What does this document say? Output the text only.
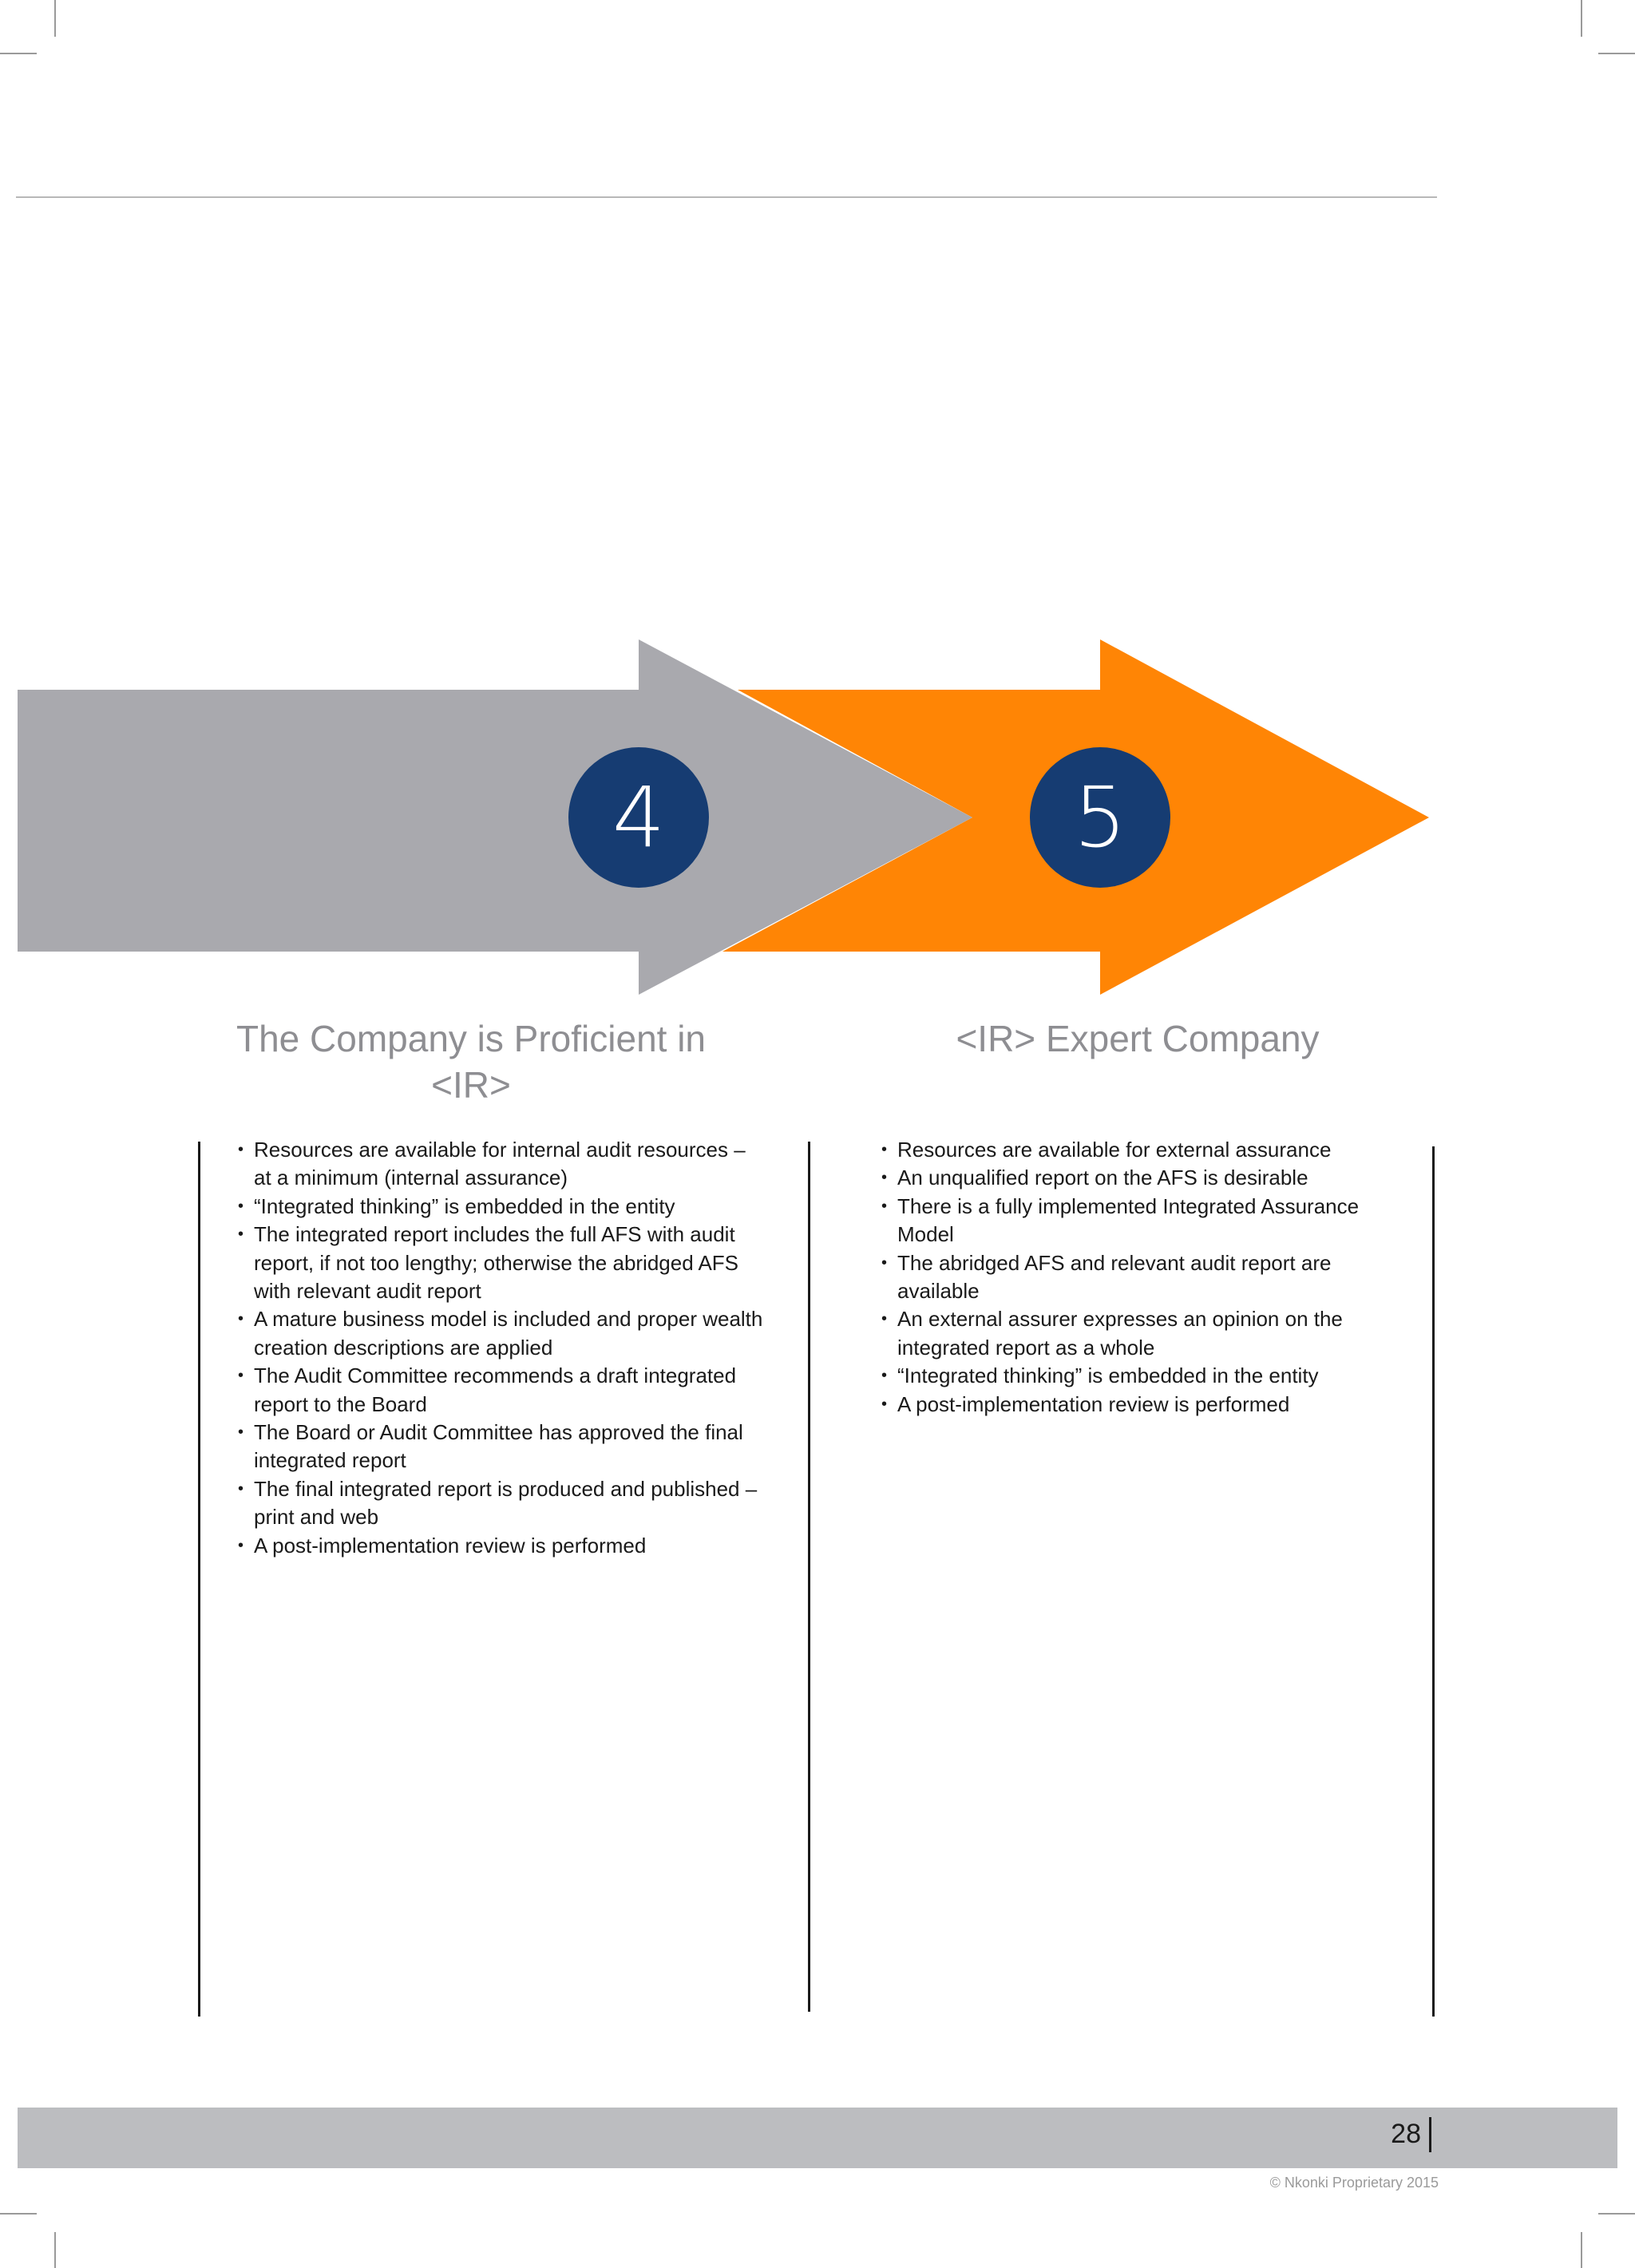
4	5
The Company is Proficient in
<IR>
<IR> Expert Company
• Resources are available for internal audit resources – at a minimum (internal assurance)
• “Integrated thinking” is embedded in the entity
• The integrated report includes the full AFS with audit report, if not too lengthy; otherwise the abridged AFS with relevant audit report
• A mature business model is included and proper wealth creation descriptions are applied
• The Audit Committee recommends a draft integrated report to the Board
• The Board or Audit Committee has approved the final integrated report
• The final integrated report is produced and published – print and web
• A post-implementation review is performed
• Resources are available for external assurance
• An unqualified report on the AFS is desirable
• There is a fully implemented Integrated Assurance Model
• The abridged AFS and relevant audit report are available
• An external assurer expresses an opinion on the integrated report as a whole
• “Integrated thinking” is embedded in the entity
• A post-implementation review is performed
28
© Nkonki Proprietary 2015
